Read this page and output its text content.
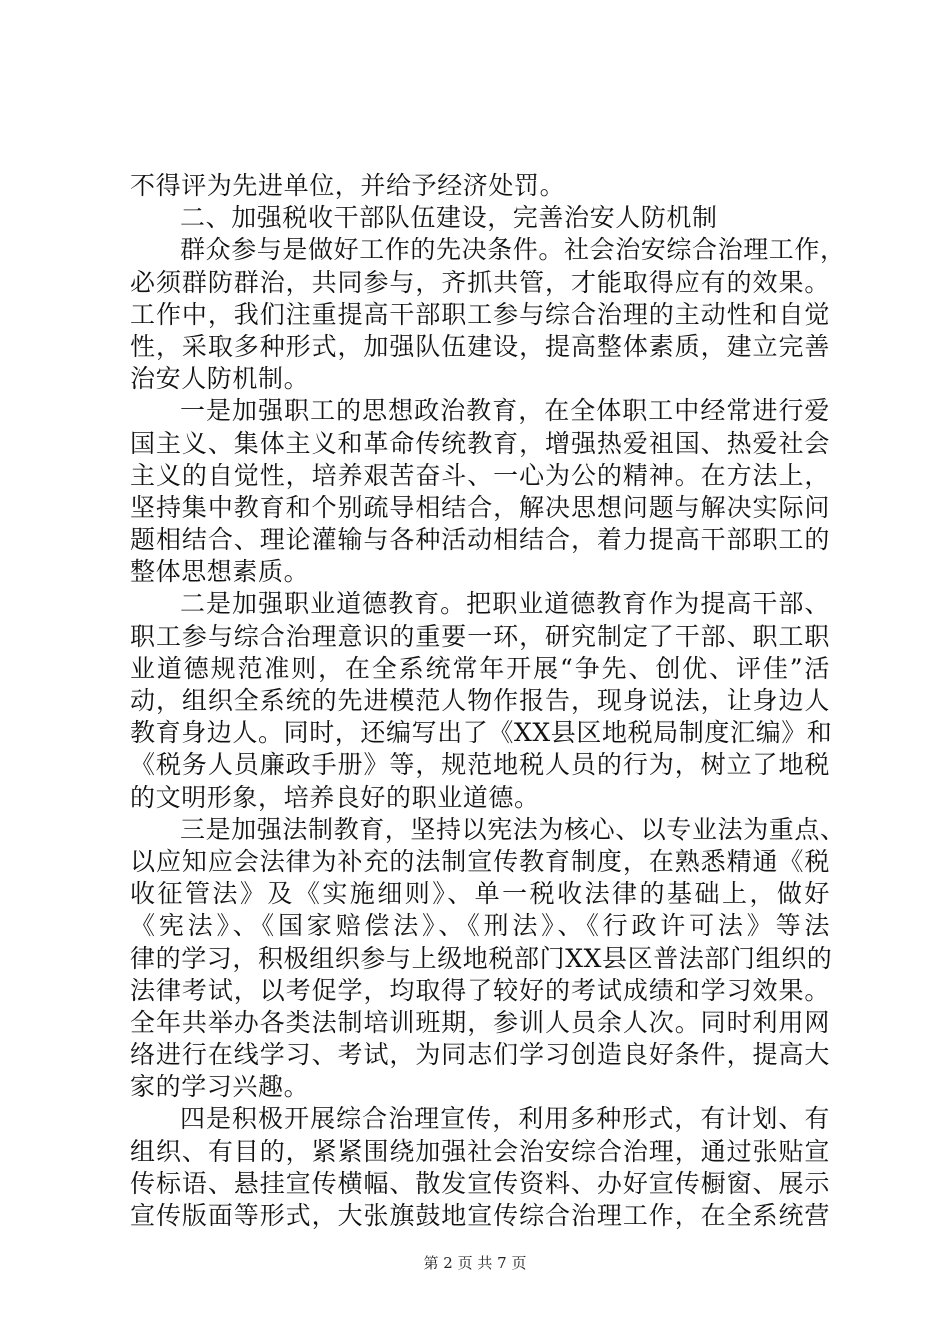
不得评为先进单位，并给予经济处罚。
二、加强税收干部队伍建设，完善治安人防机制
群众参与是做好工作的先决条件。社会治安综合治理工作，
必须群防群治，共同参与，齐抓共管，才能取得应有的效果。
工作中，我们注重提高干部职工参与综合治理的主动性和自觉
性，采取多种形式，加强队伍建设，提高整体素质，建立完善
治安人防机制。
一是加强职工的思想政治教育，在全体职工中经常进行爱
国主义、集体主义和革命传统教育，增强热爱祖国、热爱社会
主义的自觉性，培养艰苦奋斗、一心为公的精神。在方法上，
坚持集中教育和个别疏导相结合，解决思想问题与解决实际问
题相结合、理论灌输与各种活动相结合，着力提高干部职工的
整体思想素质。
二是加强职业道德教育。把职业道德教育作为提高干部、
职工参与综合治理意识的重要一环，研究制定了干部、职工职
业道德规范准则，在全系统常年开展“争先、创优、评佳”活
动，组织全系统的先进模范人物作报告，现身说法，让身边人
教育身边人。同时，还编写出了《XX县区地税局制度汇编》和
《税务人员廉政手册》等，规范地税人员的行为，树立了地税
的文明形象，培养良好的职业道德。
三是加强法制教育，坚持以宪法为核心、以专业法为重点、
以应知应会法律为补充的法制宣传教育制度，在熟悉精通《税
收征管法》及《实施细则》、单一税收法律的基础上，做好
《宪法》、《国家赔偿法》、《刑法》、《行政许可法》等法
律的学习，积极组织参与上级地税部门XX县区普法部门组织的
法律考试，以考促学，均取得了较好的考试成绩和学习效果。
全年共举办各类法制培训班期，参训人员余人次。同时利用网
络进行在线学习、考试，为同志们学习创造良好条件，提高大
家的学习兴趣。
四是积极开展综合治理宣传，利用多种形式，有计划、有
组织、有目的，紧紧围绕加强社会治安综合治理，通过张贴宣
传标语、悬挂宣传横幅、散发宣传资料、办好宣传橱窗、展示
宣传版面等形式，大张旗鼓地宣传综合治理工作，在全系统营
第 2 页 共 7 页
